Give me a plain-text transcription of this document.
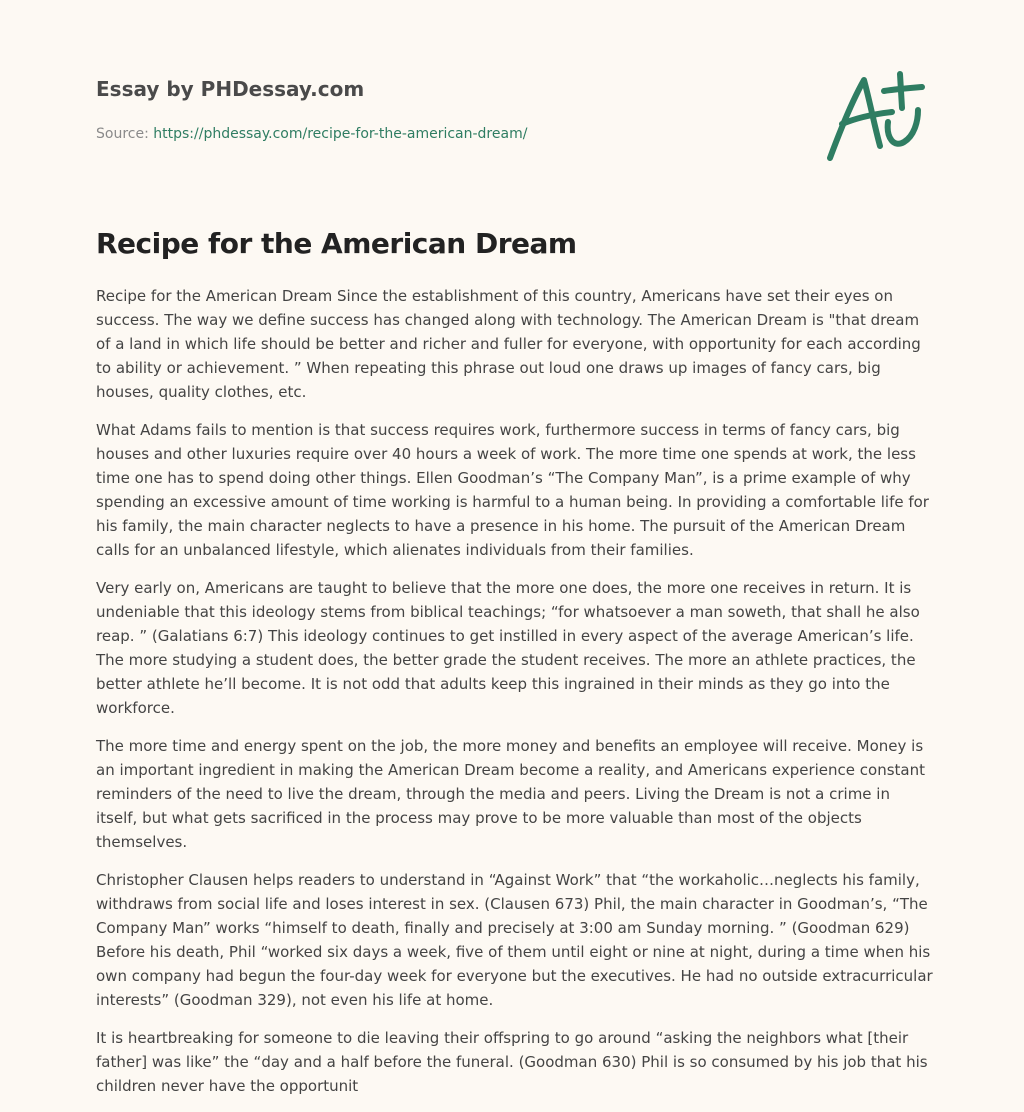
Essay by PHDessay.com
Source: https://phdessay.com/recipe-for-the-american-dream/
Recipe for the American Dream

Recipe for the American Dream Since the establishment of this country, Americans have set their eyes on success. The way we define success has changed along with technology. The American Dream is "that dream of a land in which life should be better and richer and fuller for everyone, with opportunity for each according to ability or achievement. ” When repeating this phrase out loud one draws up images of fancy cars, big houses, quality clothes, etc.

What Adams fails to mention is that success requires work, furthermore success in terms of fancy cars, big houses and other luxuries require over 40 hours a week of work. The more time one spends at work, the less time one has to spend doing other things. Ellen Goodman’s “The Company Man”, is a prime example of why spending an excessive amount of time working is harmful to a human being. In providing a comfortable life for his family, the main character neglects to have a presence in his home. The pursuit of the American Dream calls for an unbalanced lifestyle, which alienates individuals from their families.

Very early on, Americans are taught to believe that the more one does, the more one receives in return. It is undeniable that this ideology stems from biblical teachings; “for whatsoever a man soweth, that shall he also reap. ” (Galatians 6:7) This ideology continues to get instilled in every aspect of the average American’s life. The more studying a student does, the better grade the student receives. The more an athlete practices, the better athlete he’ll become. It is not odd that adults keep this ingrained in their minds as they go into the workforce.

The more time and energy spent on the job, the more money and benefits an employee will receive. Money is an important ingredient in making the American Dream become a reality, and Americans experience constant reminders of the need to live the dream, through the media and peers. Living the Dream is not a crime in itself, but what gets sacrificed in the process may prove to be more valuable than most of the objects themselves.

Christopher Clausen helps readers to understand in “Against Work” that “the workaholic…neglects his family, withdraws from social life and loses interest in sex. (Clausen 673) Phil, the main character in Goodman’s, “The Company Man” works “himself to death, finally and precisely at 3:00 am Sunday morning. ” (Goodman 629) Before his death, Phil “worked six days a week, five of them until eight or nine at night, during a time when his own company had begun the four-day week for everyone but the executives. He had no outside extracurricular interests” (Goodman 329), not even his life at home.

It is heartbreaking for someone to die leaving their offspring to go around “asking the neighbors what [their father] was like” the “day and a half before the funeral. (Goodman 630) Phil is so consumed by his job that his children never have the opportunit
